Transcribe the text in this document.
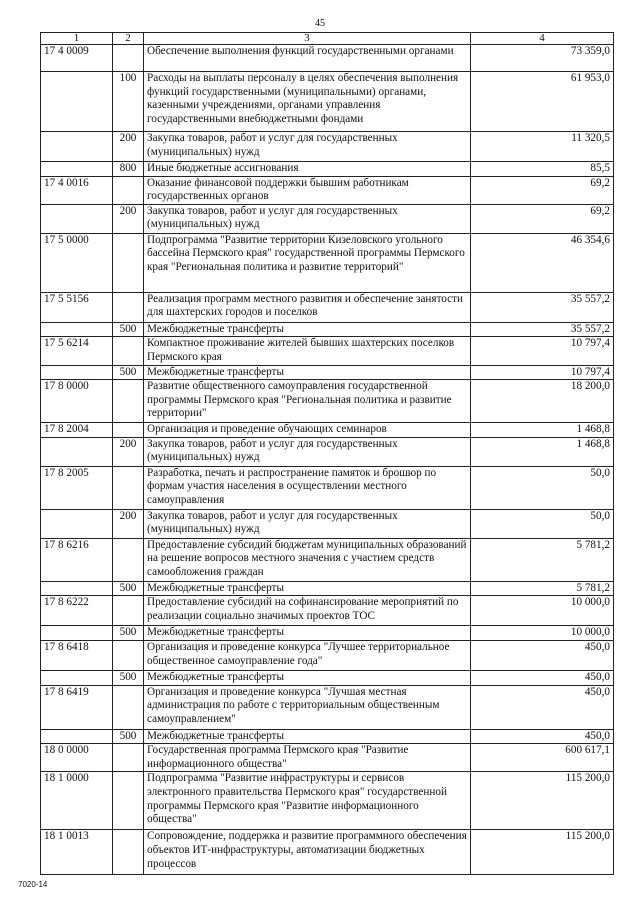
45
1	2	3	4
17 4 0009		Обеспечение выполнения функций государственными органами	73 359,0
	100	Расходы на выплаты персоналу в целях обеспечения выполнения функций государственными (муниципальными) органами, казенными учреждениями, органами управления государственными внебюджетными фондами	61 953,0
	200	Закупка товаров, работ и услуг для государственных (муниципальных) нужд	11 320,5
	800	Иные бюджетные ассигнования	85,5
17 4 0016		Оказание финансовой поддержки бывшим работникам государственных органов	69,2
	200	Закупка товаров, работ и услуг для государственных (муниципальных) нужд	69,2
17 5 0000		Подпрограмма "Развитие территории Кизеловского угольного бассейна Пермского края" государственной программы Пермского края "Региональная политика и развитие территорий"	46 354,6
17 5 5156		Реализация программ местного развития и обеспечение занятости для шахтерских городов и поселков	35 557,2
	500	Межбюджетные трансферты	35 557,2
17 5 6214		Компактное проживание жителей бывших шахтерских поселков Пермского края	10 797,4
	500	Межбюджетные трансферты	10 797,4
17 8 0000		Развитие общественного самоуправления государственной программы Пермского края "Региональная политика и развитие территории"	18 200,0
17 8 2004		Организация и проведение обучающих семинаров	1 468,8
	200	Закупка товаров, работ и услуг для государственных (муниципальных) нужд	1 468,8
17 8 2005		Разработка, печать и распространение памяток и брошюр по формам участия населения в осуществлении местного самоуправления	50,0
	200	Закупка товаров, работ и услуг для государственных (муниципальных) нужд	50,0
17 8 6216		Предоставление субсидий бюджетам муниципальных образований на решение вопросов местного значения с участием средств самообложения граждан	5 781,2
	500	Межбюджетные трансферты	5 781,2
17 8 6222		Предоставление субсидий на софинансирование мероприятий по реализации социально значимых проектов ТОС	10 000,0
	500	Межбюджетные трансферты	10 000,0
17 8 6418		Организация и проведение конкурса "Лучшее территориальное общественное самоуправление года"	450,0
	500	Межбюджетные трансферты	450,0
17 8 6419		Организация и проведение конкурса "Лучшая местная администрация по работе с территориальным общественным самоуправлением"	450,0
	500	Межбюджетные трансферты	450,0
18 0 0000		Государственная программа Пермского края "Развитие информационного общества"	600 617,1
18 1 0000		Подпрограмма "Развитие инфраструктуры и сервисов электронного правительства Пермского края" государственной программы Пермского края "Развитие информационного общества"	115 200,0
18 1 0013		Сопровождение, поддержка и развитие программного обеспечения объектов ИТ-инфраструктуры, автоматизации бюджетных процессов	115 200,0
7020-14
